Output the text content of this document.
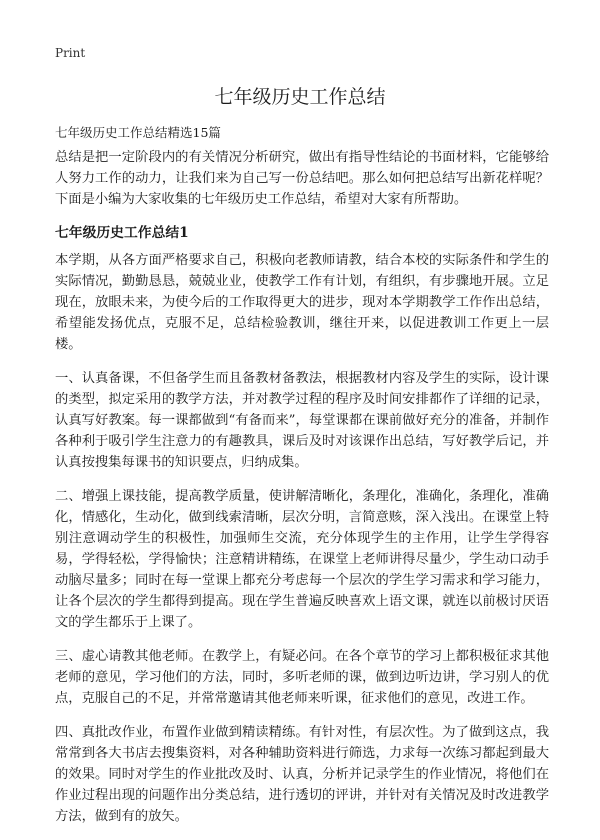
Print
七年级历史工作总结

七年级历史工作总结精选15篇

总结是把一定阶段内的有关情况分析研究，做出有指导性结论的书面材料，它能够给人努力工作的动力，让我们来为自己写一份总结吧。那么如何把总结写出新花样呢？下面是小编为大家收集的七年级历史工作总结，希望对大家有所帮助。

七年级历史工作总结1

本学期，从各方面严格要求自己，积极向老教师请教，结合本校的实际条件和学生的实际情况，勤勤恳恳，兢兢业业，使教学工作有计划，有组织，有步骤地开展。立足现在，放眼未来，为使今后的工作取得更大的进步，现对本学期教学工作作出总结，希望能发扬优点，克服不足，总结检验教训，继往开来，以促进教训工作更上一层楼。

一、认真备课，不但备学生而且备教材备教法，根据教材内容及学生的实际，设计课的类型，拟定采用的教学方法，并对教学过程的程序及时间安排都作了详细的记录，认真写好教案。每一课都做到“有备而来”，每堂课都在课前做好充分的准备，并制作各种利于吸引学生注意力的有趣教具，课后及时对该课作出总结，写好教学后记，并认真按搜集每课书的知识要点，归纳成集。

二、增强上课技能，提高教学质量，使讲解清晰化，条理化，准确化，条理化，准确化，情感化，生动化，做到线索清晰，层次分明，言简意赅，深入浅出。在课堂上特别注意调动学生的积极性，加强师生交流，充分体现学生的主作用，让学生学得容易，学得轻松，学得愉快；注意精讲精练，在课堂上老师讲得尽量少，学生动口动手动脑尽量多；同时在每一堂课上都充分考虑每一个层次的学生学习需求和学习能力，让各个层次的学生都得到提高。现在学生普遍反映喜欢上语文课，就连以前极讨厌语文的学生都乐于上课了。

三、虚心请教其他老师。在教学上，有疑必问。在各个章节的学习上都积极征求其他老师的意见，学习他们的方法，同时，多听老师的课，做到边听边讲，学习别人的优点，克服自己的不足，并常常邀请其他老师来听课，征求他们的意见，改进工作。

四、真批改作业，布置作业做到精读精练。有针对性，有层次性。为了做到这点，我常常到各大书店去搜集资料，对各种辅助资料进行筛选，力求每一次练习都起到最大的效果。同时对学生的作业批改及时、认真，分析并记录学生的作业情况，将他们在作业过程出现的问题作出分类总结，进行透切的评讲，并针对有关情况及时改进教学方法，做到有的放矢。
